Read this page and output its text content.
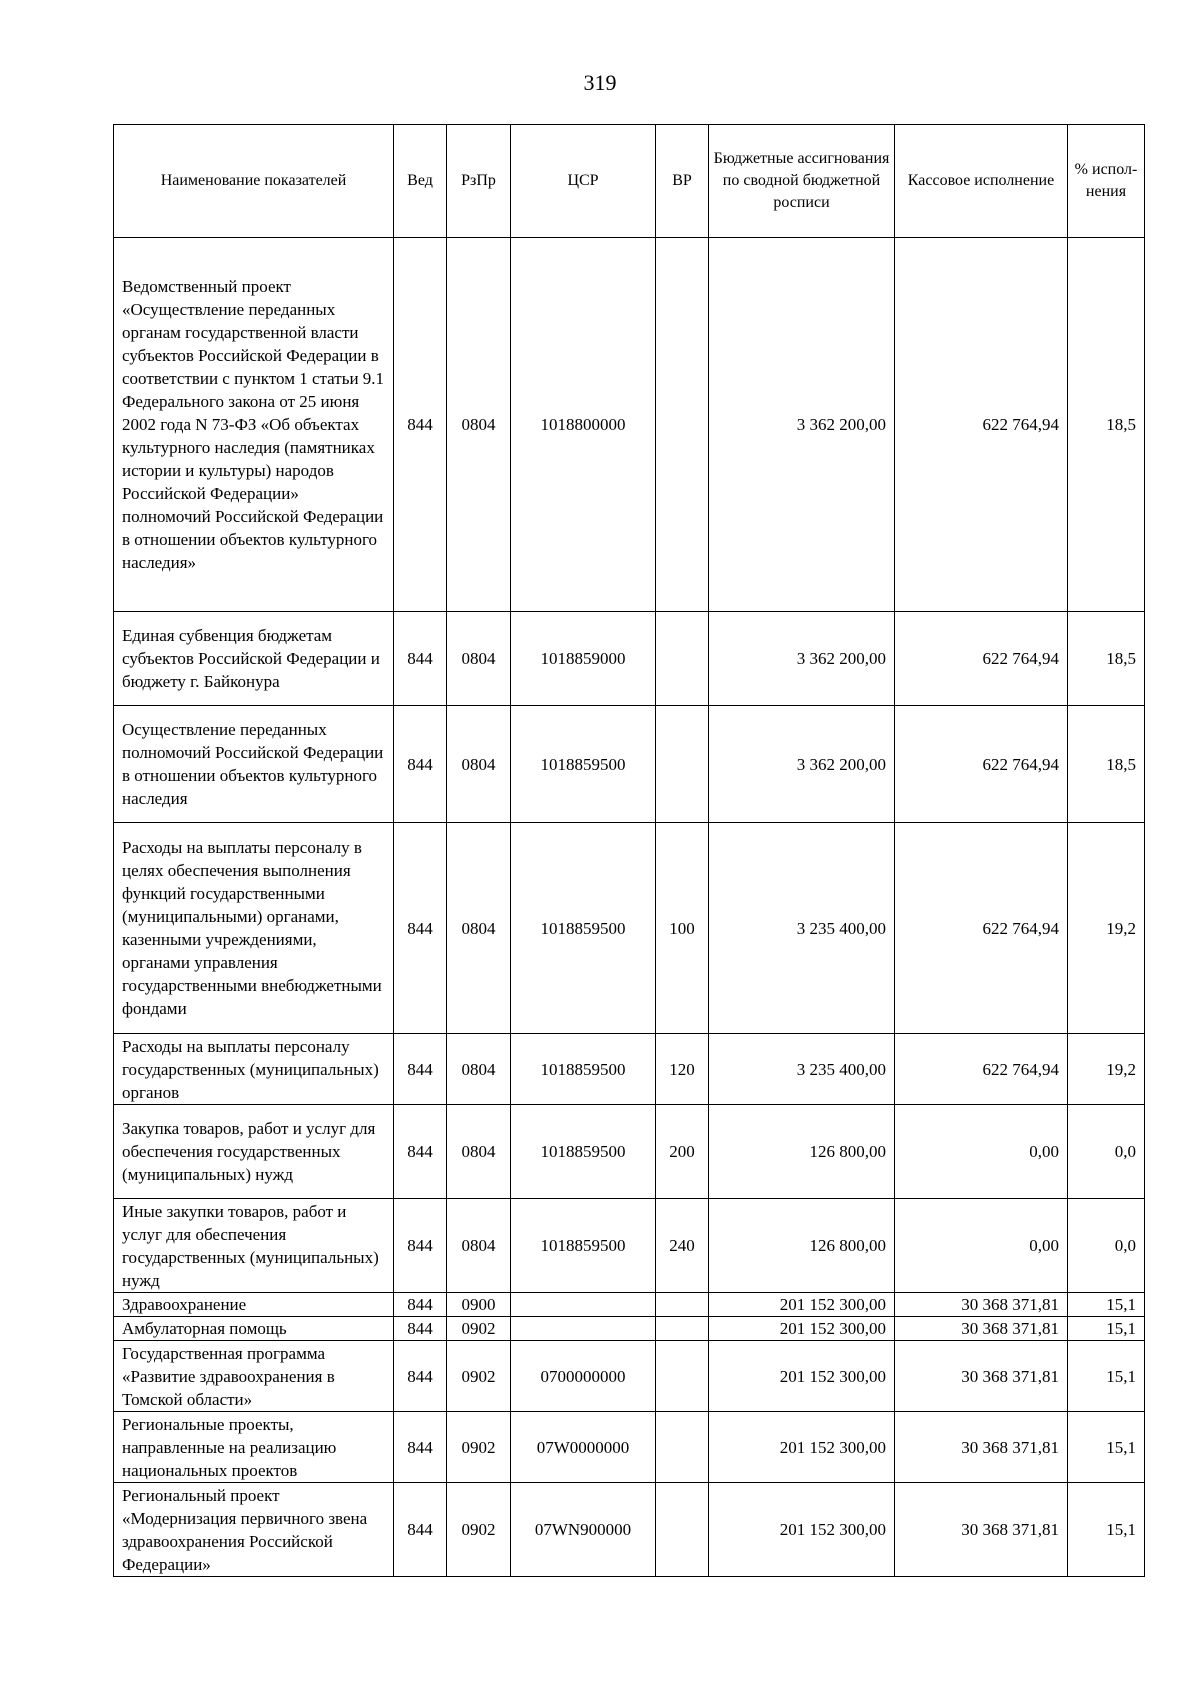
319
Наименование показателей	Вед	РзПр	ЦСР	ВР	Бюджетные ассигнования по сводной бюджетной росписи	Кассовое исполнение	% испол-нения
Ведомственный проект «Осуществление переданных органам государственной власти субъектов Российской Федерации в соответствии с пунктом 1 статьи 9.1 Федерального закона от 25 июня 2002 года N 73-ФЗ «Об объектах культурного наследия (памятниках истории и культуры) народов Российской Федерации» полномочий Российской Федерации в отношении объектов культурного наследия»	844	0804	1018800000		3 362 200,00	622 764,94	18,5
Единая субвенция бюджетам субъектов Российской Федерации и бюджету г. Байконура	844	0804	1018859000		3 362 200,00	622 764,94	18,5
Осуществление переданных полномочий Российской Федерации в отношении объектов культурного наследия	844	0804	1018859500		3 362 200,00	622 764,94	18,5
Расходы на выплаты персоналу в целях обеспечения выполнения функций государственными (муниципальными) органами, казенными учреждениями, органами управления государственными внебюджетными фондами	844	0804	1018859500	100	3 235 400,00	622 764,94	19,2
Расходы на выплаты персоналу государственных (муниципальных) органов	844	0804	1018859500	120	3 235 400,00	622 764,94	19,2
Закупка товаров, работ и услуг для обеспечения государственных (муниципальных) нужд	844	0804	1018859500	200	126 800,00	0,00	0,0
Иные закупки товаров, работ и услуг для обеспечения государственных (муниципальных) нужд	844	0804	1018859500	240	126 800,00	0,00	0,0
Здравоохранение	844	0900			201 152 300,00	30 368 371,81	15,1
Амбулаторная помощь	844	0902			201 152 300,00	30 368 371,81	15,1
Государственная программа «Развитие здравоохранения в Томской области»	844	0902	0700000000		201 152 300,00	30 368 371,81	15,1
Региональные проекты, направленные на реализацию национальных проектов	844	0902	07W0000000		201 152 300,00	30 368 371,81	15,1
Региональный проект «Модернизация первичного звена здравоохранения Российской Федерации»	844	0902	07WN900000		201 152 300,00	30 368 371,81	15,1
